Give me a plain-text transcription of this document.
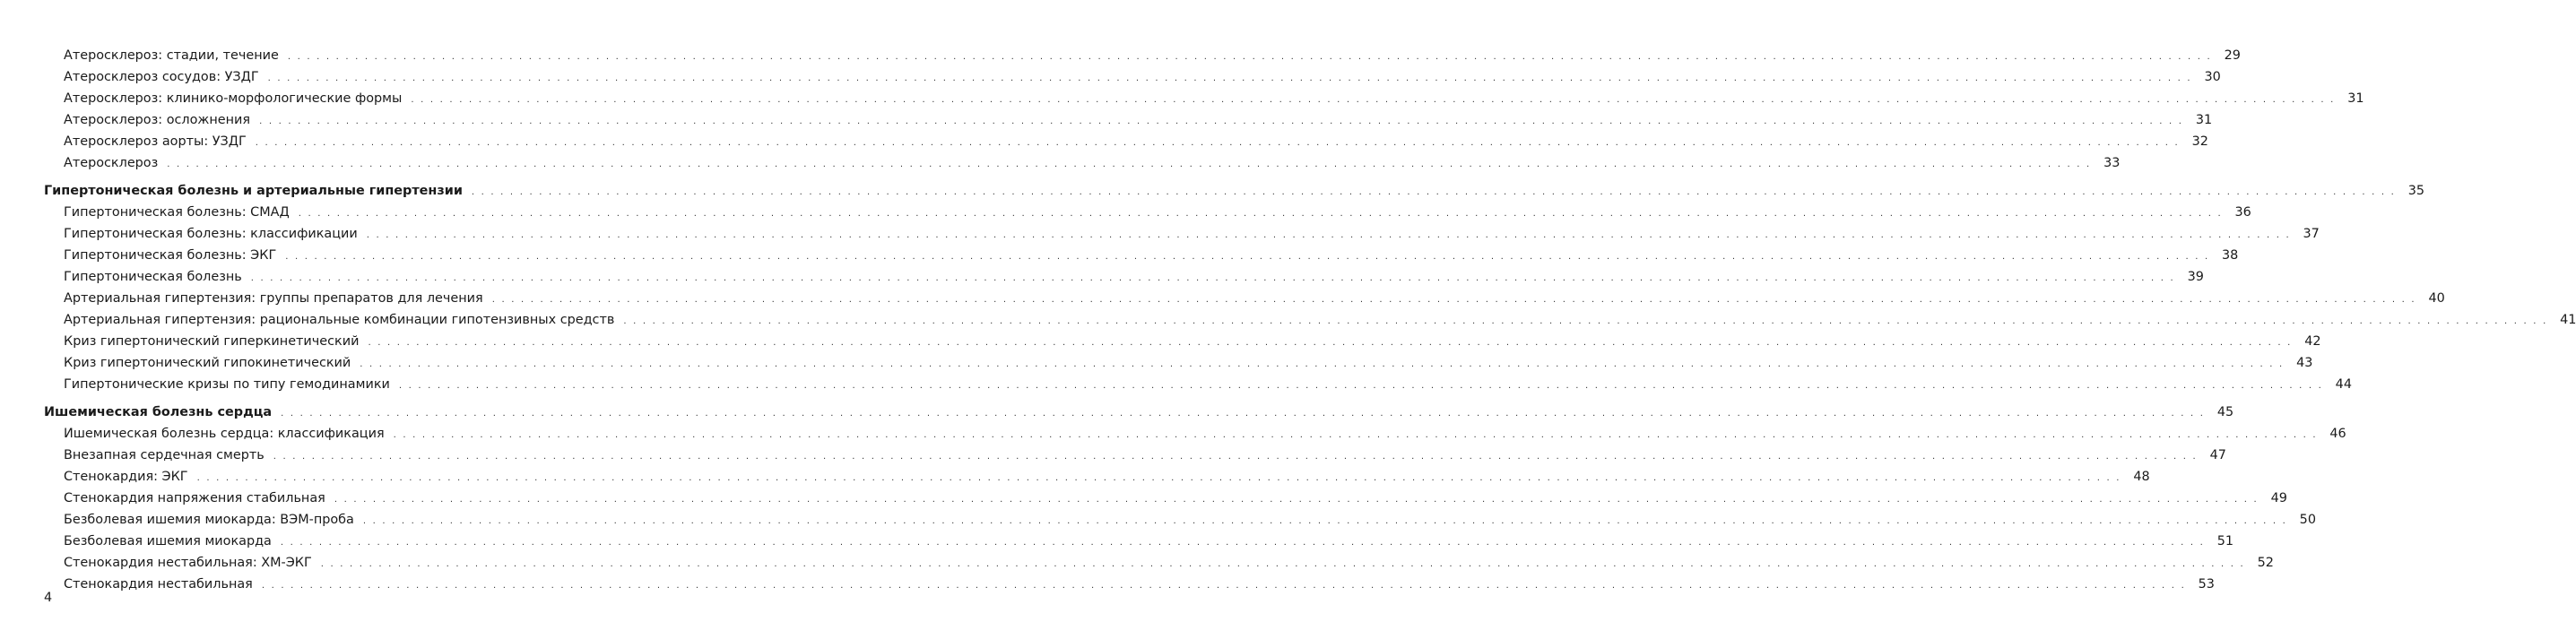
Атеросклероз: стадии, течение	. . . . . . . . . . . . . . . . . . . . . . . . . . . . . . . . . . . . . . . . . . . . . . . . . . . . . . . . . . . . . . . . . . . . . . . . . . . . . . . . . . . . . . . . . . . . . . . . . . . . . . . . . . . . . . . . . . . . . . . . . . . . . . . . . . . . . . . . . . . . . . . . . . . . . . . . . . . . . . . . . . . . . . . . . . . . . . . . . . . . . . . . . . . . . . . . . . . . . . . . 29
Атеросклероз сосудов: УЗДГ	. . . . . . . . . . . . . . . . . . . . . . . . . . . . . . . . . . . . . . . . . . . . . . . . . . . . . . . . . . . . . . . . . . . . . . . . . . . . . . . . . . . . . . . . . . . . . . . . . . . . . . . . . . . . . . . . . . . . . . . . . . . . . . . . . . . . . . . . . . . . . . . . . . . . . . . . . . . . . . . . . . . . . . . . . . . . . . . . . . . . . . . . . . . . . . . . . . . . . . . . 30
Атеросклероз: клинико-морфологические формы	. . . . . . . . . . . . . . . . . . . . . . . . . . . . . . . . . . . . . . . . . . . . . . . . . . . . . . . . . . . . . . . . . . . . . . . . . . . . . . . . . . . . . . . . . . . . . . . . . . . . . . . . . . . . . . . . . . . . . . . . . . . . . . . . . . . . . . . . . . . . . . . . . . . . . . . . . . . . . . . . . . . . . . . . . . . . . . . . . . . . . . . . . . . . . . . . . . . . . . . . 31
Атеросклероз: осложнения	. . . . . . . . . . . . . . . . . . . . . . . . . . . . . . . . . . . . . . . . . . . . . . . . . . . . . . . . . . . . . . . . . . . . . . . . . . . . . . . . . . . . . . . . . . . . . . . . . . . . . . . . . . . . . . . . . . . . . . . . . . . . . . . . . . . . . . . . . . . . . . . . . . . . . . . . . . . . . . . . . . . . . . . . . . . . . . . . . . . . . . . . . . . . . . . . . . . . . . . . 31
Атеросклероз аорты: УЗДГ	. . . . . . . . . . . . . . . . . . . . . . . . . . . . . . . . . . . . . . . . . . . . . . . . . . . . . . . . . . . . . . . . . . . . . . . . . . . . . . . . . . . . . . . . . . . . . . . . . . . . . . . . . . . . . . . . . . . . . . . . . . . . . . . . . . . . . . . . . . . . . . . . . . . . . . . . . . . . . . . . . . . . . . . . . . . . . . . . . . . . . . . . . . . . . . . . . . . . . . . . 32
Атеросклероз	. . . . . . . . . . . . . . . . . . . . . . . . . . . . . . . . . . . . . . . . . . . . . . . . . . . . . . . . . . . . . . . . . . . . . . . . . . . . . . . . . . . . . . . . . . . . . . . . . . . . . . . . . . . . . . . . . . . . . . . . . . . . . . . . . . . . . . . . . . . . . . . . . . . . . . . . . . . . . . . . . . . . . . . . . . . . . . . . . . . . . . . . . . . . . . . . . . . . . . . . 33
Гипертоническая болезнь и артериальные гипертензии	. . . . . . . . . . . . . . . . . . . . . . . . . . . . . . . . . . . . . . . . . . . . . . . . . . . . . . . . . . . . . . . . . . . . . . . . . . . . . . . . . . . . . . . . . . . . . . . . . . . . . . . . . . . . . . . . . . . . . . . . . . . . . . . . . . . . . . . . . . . . . . . . . . . . . . . . . . . . . . . . . . . . . . . . . . . . . . . . . . . . . . . . . . . . . . . . . . . . . . . . 35
Гипертоническая болезнь: СМАД	. . . . . . . . . . . . . . . . . . . . . . . . . . . . . . . . . . . . . . . . . . . . . . . . . . . . . . . . . . . . . . . . . . . . . . . . . . . . . . . . . . . . . . . . . . . . . . . . . . . . . . . . . . . . . . . . . . . . . . . . . . . . . . . . . . . . . . . . . . . . . . . . . . . . . . . . . . . . . . . . . . . . . . . . . . . . . . . . . . . . . . . . . . . . . . . . . . . . . . . . 36
Гипертоническая болезнь: классификации	. . . . . . . . . . . . . . . . . . . . . . . . . . . . . . . . . . . . . . . . . . . . . . . . . . . . . . . . . . . . . . . . . . . . . . . . . . . . . . . . . . . . . . . . . . . . . . . . . . . . . . . . . . . . . . . . . . . . . . . . . . . . . . . . . . . . . . . . . . . . . . . . . . . . . . . . . . . . . . . . . . . . . . . . . . . . . . . . . . . . . . . . . . . . . . . . . . . . . . . . 37
Гипертоническая болезнь: ЭКГ	. . . . . . . . . . . . . . . . . . . . . . . . . . . . . . . . . . . . . . . . . . . . . . . . . . . . . . . . . . . . . . . . . . . . . . . . . . . . . . . . . . . . . . . . . . . . . . . . . . . . . . . . . . . . . . . . . . . . . . . . . . . . . . . . . . . . . . . . . . . . . . . . . . . . . . . . . . . . . . . . . . . . . . . . . . . . . . . . . . . . . . . . . . . . . . . . . . . . . . . . 38
Гипертоническая болезнь	. . . . . . . . . . . . . . . . . . . . . . . . . . . . . . . . . . . . . . . . . . . . . . . . . . . . . . . . . . . . . . . . . . . . . . . . . . . . . . . . . . . . . . . . . . . . . . . . . . . . . . . . . . . . . . . . . . . . . . . . . . . . . . . . . . . . . . . . . . . . . . . . . . . . . . . . . . . . . . . . . . . . . . . . . . . . . . . . . . . . . . . . . . . . . . . . . . . . . . . . 39
Артериальная гипертензия: группы препаратов для лечения	. . . . . . . . . . . . . . . . . . . . . . . . . . . . . . . . . . . . . . . . . . . . . . . . . . . . . . . . . . . . . . . . . . . . . . . . . . . . . . . . . . . . . . . . . . . . . . . . . . . . . . . . . . . . . . . . . . . . . . . . . . . . . . . . . . . . . . . . . . . . . . . . . . . . . . . . . . . . . . . . . . . . . . . . . . . . . . . . . . . . . . . . . . . . . . . . . . . . . . . . 40
Артериальная гипертензия: рациональные комбинации гипотензивных средств	. . . . . . . . . . . . . . . . . . . . . . . . . . . . . . . . . . . . . . . . . . . . . . . . . . . . . . . . . . . . . . . . . . . . . . . . . . . . . . . . . . . . . . . . . . . . . . . . . . . . . . . . . . . . . . . . . . . . . . . . . . . . . . . . . . . . . . . . . . . . . . . . . . . . . . . . . . . . . . . . . . . . . . . . . . . . . . . . . . . . . . . . . . . . . . . . . . . . . . . . 41
Криз гипертонический гиперкинетический	. . . . . . . . . . . . . . . . . . . . . . . . . . . . . . . . . . . . . . . . . . . . . . . . . . . . . . . . . . . . . . . . . . . . . . . . . . . . . . . . . . . . . . . . . . . . . . . . . . . . . . . . . . . . . . . . . . . . . . . . . . . . . . . . . . . . . . . . . . . . . . . . . . . . . . . . . . . . . . . . . . . . . . . . . . . . . . . . . . . . . . . . . . . . . . . . . . . . . . . . 42
Криз гипертонический гипокинетический	. . . . . . . . . . . . . . . . . . . . . . . . . . . . . . . . . . . . . . . . . . . . . . . . . . . . . . . . . . . . . . . . . . . . . . . . . . . . . . . . . . . . . . . . . . . . . . . . . . . . . . . . . . . . . . . . . . . . . . . . . . . . . . . . . . . . . . . . . . . . . . . . . . . . . . . . . . . . . . . . . . . . . . . . . . . . . . . . . . . . . . . . . . . . . . . . . . . . . . . . 43
Гипертонические кризы по типу гемодинамики	. . . . . . . . . . . . . . . . . . . . . . . . . . . . . . . . . . . . . . . . . . . . . . . . . . . . . . . . . . . . . . . . . . . . . . . . . . . . . . . . . . . . . . . . . . . . . . . . . . . . . . . . . . . . . . . . . . . . . . . . . . . . . . . . . . . . . . . . . . . . . . . . . . . . . . . . . . . . . . . . . . . . . . . . . . . . . . . . . . . . . . . . . . . . . . . . . . . . . . . . 44
Ишемическая болезнь сердца	. . . . . . . . . . . . . . . . . . . . . . . . . . . . . . . . . . . . . . . . . . . . . . . . . . . . . . . . . . . . . . . . . . . . . . . . . . . . . . . . . . . . . . . . . . . . . . . . . . . . . . . . . . . . . . . . . . . . . . . . . . . . . . . . . . . . . . . . . . . . . . . . . . . . . . . . . . . . . . . . . . . . . . . . . . . . . . . . . . . . . . . . . . . . . . . . . . . . . . . . 45
Ишемическая болезнь сердца: классификация	. . . . . . . . . . . . . . . . . . . . . . . . . . . . . . . . . . . . . . . . . . . . . . . . . . . . . . . . . . . . . . . . . . . . . . . . . . . . . . . . . . . . . . . . . . . . . . . . . . . . . . . . . . . . . . . . . . . . . . . . . . . . . . . . . . . . . . . . . . . . . . . . . . . . . . . . . . . . . . . . . . . . . . . . . . . . . . . . . . . . . . . . . . . . . . . . . . . . . . . . 46
Внезапная сердечная смерть	. . . . . . . . . . . . . . . . . . . . . . . . . . . . . . . . . . . . . . . . . . . . . . . . . . . . . . . . . . . . . . . . . . . . . . . . . . . . . . . . . . . . . . . . . . . . . . . . . . . . . . . . . . . . . . . . . . . . . . . . . . . . . . . . . . . . . . . . . . . . . . . . . . . . . . . . . . . . . . . . . . . . . . . . . . . . . . . . . . . . . . . . . . . . . . . . . . . . . . . . 47
Стенокардия: ЭКГ	. . . . . . . . . . . . . . . . . . . . . . . . . . . . . . . . . . . . . . . . . . . . . . . . . . . . . . . . . . . . . . . . . . . . . . . . . . . . . . . . . . . . . . . . . . . . . . . . . . . . . . . . . . . . . . . . . . . . . . . . . . . . . . . . . . . . . . . . . . . . . . . . . . . . . . . . . . . . . . . . . . . . . . . . . . . . . . . . . . . . . . . . . . . . . . . . . . . . . . . . 48
Стенокардия напряжения стабильная	. . . . . . . . . . . . . . . . . . . . . . . . . . . . . . . . . . . . . . . . . . . . . . . . . . . . . . . . . . . . . . . . . . . . . . . . . . . . . . . . . . . . . . . . . . . . . . . . . . . . . . . . . . . . . . . . . . . . . . . . . . . . . . . . . . . . . . . . . . . . . . . . . . . . . . . . . . . . . . . . . . . . . . . . . . . . . . . . . . . . . . . . . . . . . . . . . . . . . . . . 49
Безболевая ишемия миокарда: ВЭМ-проба	. . . . . . . . . . . . . . . . . . . . . . . . . . . . . . . . . . . . . . . . . . . . . . . . . . . . . . . . . . . . . . . . . . . . . . . . . . . . . . . . . . . . . . . . . . . . . . . . . . . . . . . . . . . . . . . . . . . . . . . . . . . . . . . . . . . . . . . . . . . . . . . . . . . . . . . . . . . . . . . . . . . . . . . . . . . . . . . . . . . . . . . . . . . . . . . . . . . . . . . . 50
Безболевая ишемия миокарда	. . . . . . . . . . . . . . . . . . . . . . . . . . . . . . . . . . . . . . . . . . . . . . . . . . . . . . . . . . . . . . . . . . . . . . . . . . . . . . . . . . . . . . . . . . . . . . . . . . . . . . . . . . . . . . . . . . . . . . . . . . . . . . . . . . . . . . . . . . . . . . . . . . . . . . . . . . . . . . . . . . . . . . . . . . . . . . . . . . . . . . . . . . . . . . . . . . . . . . . . 51
Стенокардия нестабильная: ХМ-ЭКГ	. . . . . . . . . . . . . . . . . . . . . . . . . . . . . . . . . . . . . . . . . . . . . . . . . . . . . . . . . . . . . . . . . . . . . . . . . . . . . . . . . . . . . . . . . . . . . . . . . . . . . . . . . . . . . . . . . . . . . . . . . . . . . . . . . . . . . . . . . . . . . . . . . . . . . . . . . . . . . . . . . . . . . . . . . . . . . . . . . . . . . . . . . . . . . . . . . . . . . . . . 52
Стенокардия нестабильная	. . . . . . . . . . . . . . . . . . . . . . . . . . . . . . . . . . . . . . . . . . . . . . . . . . . . . . . . . . . . . . . . . . . . . . . . . . . . . . . . . . . . . . . . . . . . . . . . . . . . . . . . . . . . . . . . . . . . . . . . . . . . . . . . . . . . . . . . . . . . . . . . . . . . . . . . . . . . . . . . . . . . . . . . . . . . . . . . . . . . . . . . . . . . . . . . . . . . . . . . 53
4
